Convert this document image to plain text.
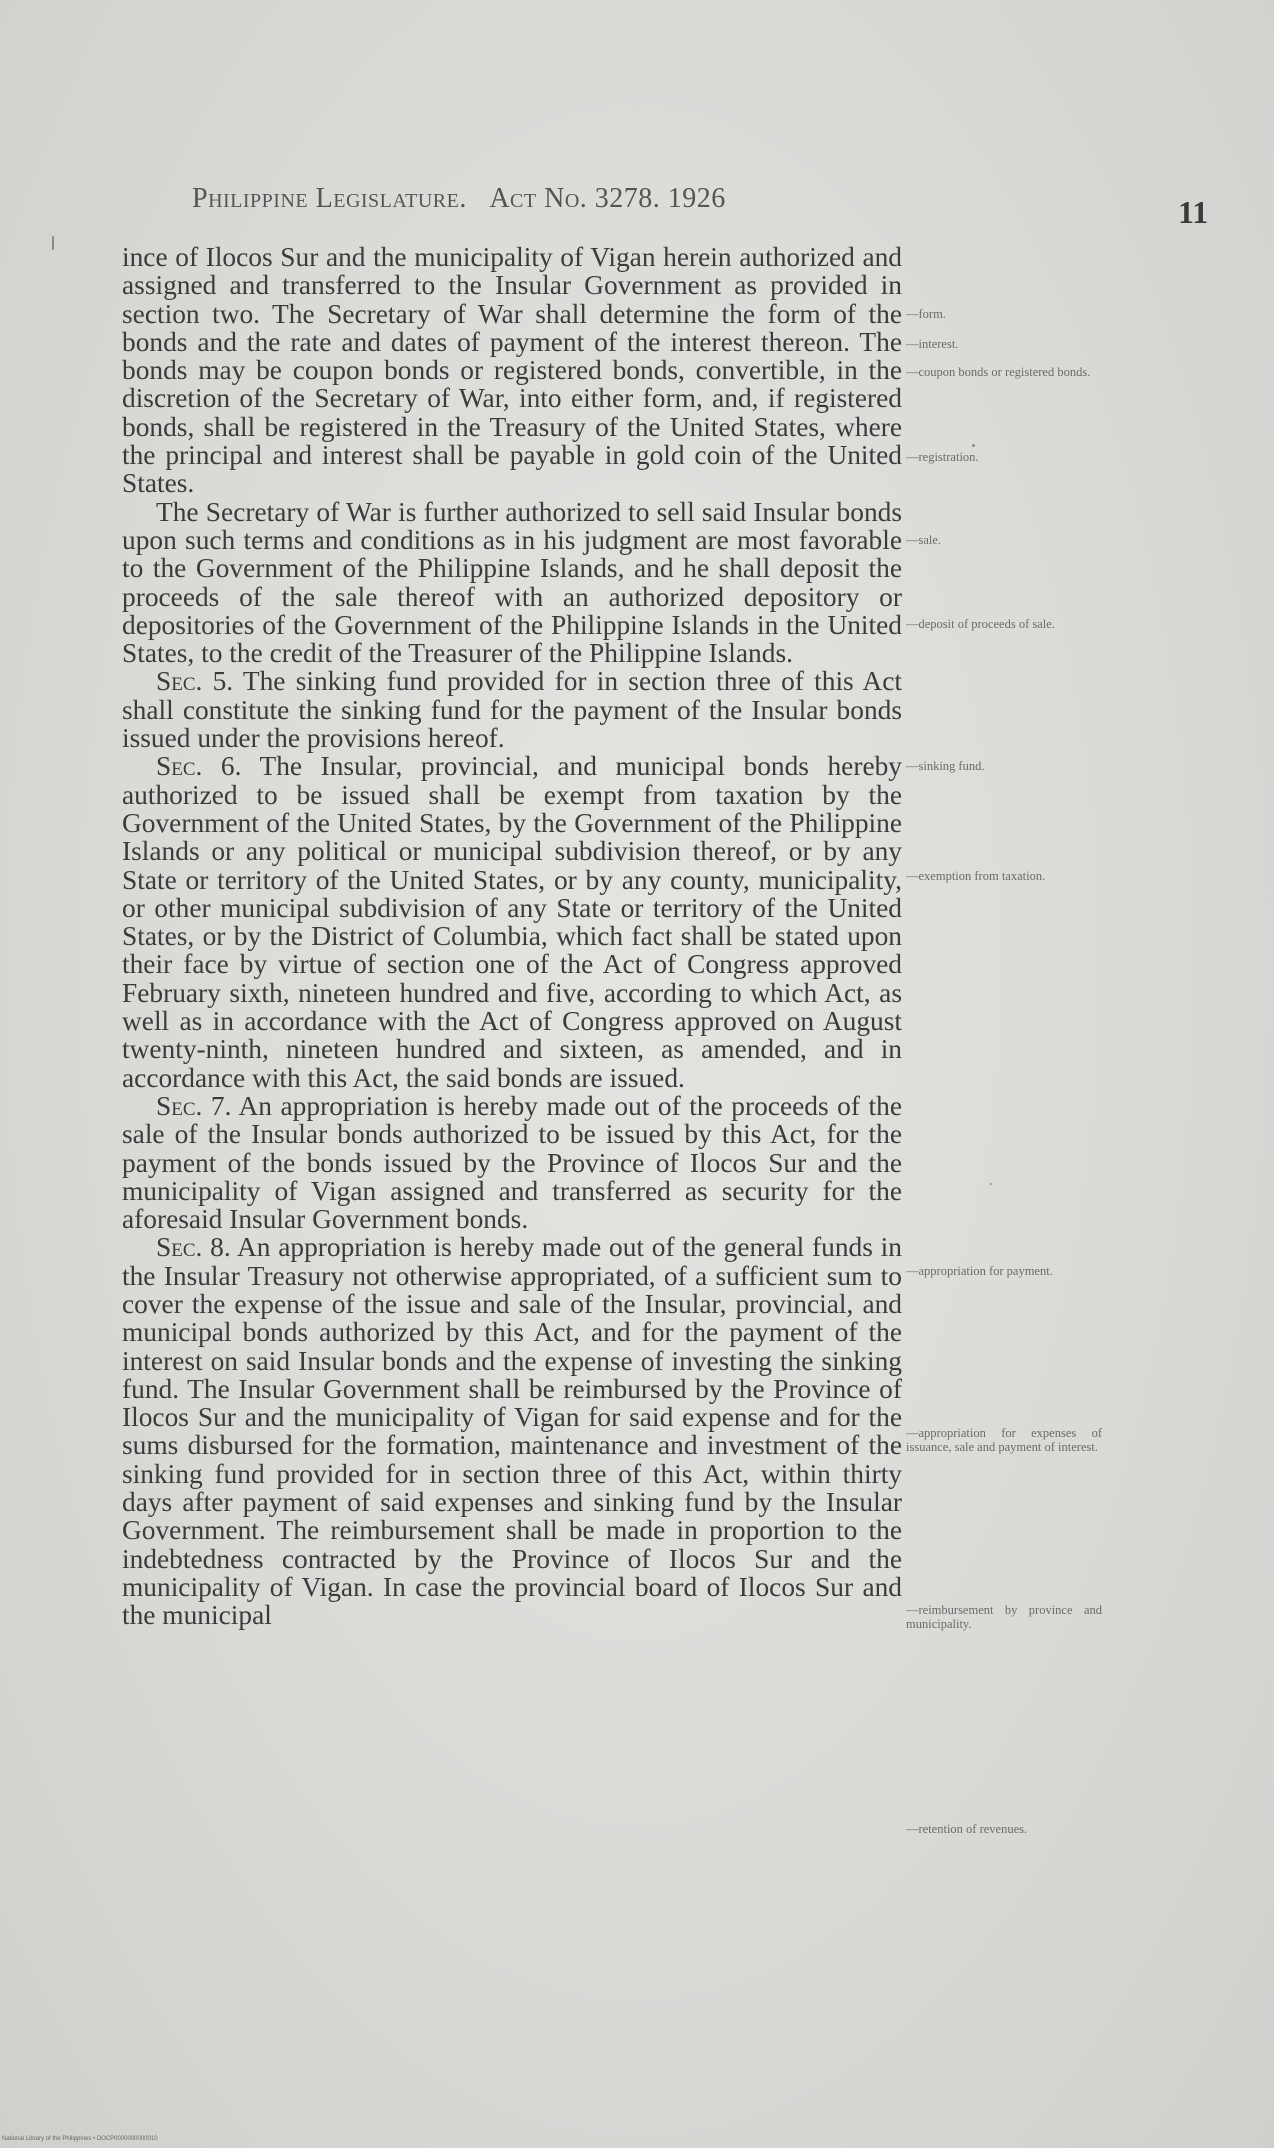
Philippine Legislature. Act No. 3278. 1926	11

ince of Ilocos Sur and the municipality of Vigan herein authorized and assigned and transferred to the Insular Government as provided in section two. The Secretary of War shall determine the form of the bonds and the rate and dates of payment of the interest thereon. The bonds may be coupon bonds or registered bonds, convertible, in the discretion of the Secretary of War, into either form, and, if registered bonds, shall be registered in the Treasury of the United States, where the principal and interest shall be payable in gold coin of the United States.

The Secretary of War is further authorized to sell said Insular bonds upon such terms and conditions as in his judgment are most favorable to the Government of the Philippine Islands, and he shall deposit the proceeds of the sale thereof with an authorized depository or depositories of the Government of the Philippine Islands in the United States, to the credit of the Treasurer of the Philippine Islands.

Sec. 5. The sinking fund provided for in section three of this Act shall constitute the sinking fund for the payment of the Insular bonds issued under the provisions hereof.

Sec. 6. The Insular, provincial, and municipal bonds hereby authorized to be issued shall be exempt from taxation by the Government of the United States, by the Government of the Philippine Islands or any political or municipal subdivision thereof, or by any State or territory of the United States, or by any county, municipality, or other municipal subdivision of any State or territory of the United States, or by the District of Columbia, which fact shall be stated upon their face by virtue of section one of the Act of Congress approved February sixth, nineteen hundred and five, according to which Act, as well as in accordance with the Act of Congress approved on August twenty-ninth, nineteen hundred and sixteen, as amended, and in accordance with this Act, the said bonds are issued.

Sec. 7. An appropriation is hereby made out of the proceeds of the sale of the Insular bonds authorized to be issued by this Act, for the payment of the bonds issued by the Province of Ilocos Sur and the municipality of Vigan assigned and transferred as security for the aforesaid Insular Government bonds.

Sec. 8. An appropriation is hereby made out of the general funds in the Insular Treasury not otherwise appropriated, of a sufficient sum to cover the expense of the issue and sale of the Insular, provincial, and municipal bonds authorized by this Act, and for the payment of the interest on said Insular bonds and the expense of investing the sinking fund. The Insular Government shall be reimbursed by the Province of Ilocos Sur and the municipality of Vigan for said expense and for the sums disbursed for the formation, maintenance and investment of the sinking fund provided for in section three of this Act, within thirty days after payment of said expenses and sinking fund by the Insular Government. The reimbursement shall be made in proportion to the indebtedness contracted by the Province of Ilocos Sur and the municipality of Vigan. In case the provincial board of Ilocos Sur and the municipal

—form.
—interest.
—coupon bonds or registered bonds.
—registration.
—sale.
—deposit of proceeds of sale.
—sinking fund.
—exemption from taxation.
—appropriation for payment.
—appropriation for expenses of issuance, sale and payment of interest.
—reimbursement by province and municipality.
—retention of revenues.
National Library of the Philippines • DOCP0000000000010
